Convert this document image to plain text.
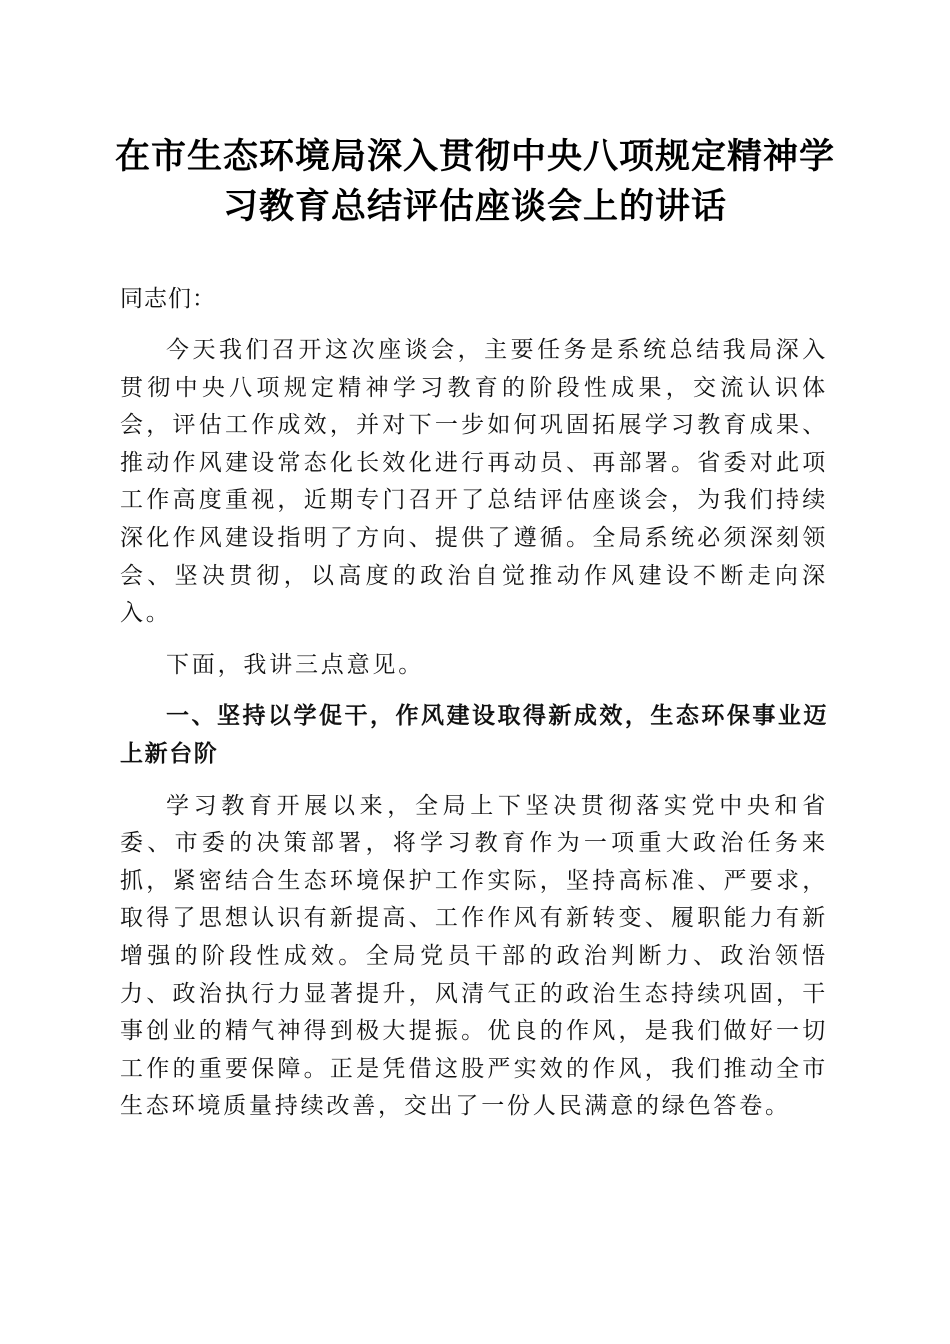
在市生态环境局深入贯彻中央八项规定精神学
习教育总结评估座谈会上的讲话

同志们：

今天我们召开这次座谈会，主要任务是系统总结我局深入贯彻中央八项规定精神学习教育的阶段性成果，交流认识体会，评估工作成效，并对下一步如何巩固拓展学习教育成果、推动作风建设常态化长效化进行再动员、再部署。省委对此项工作高度重视，近期专门召开了总结评估座谈会，为我们持续深化作风建设指明了方向、提供了遵循。全局系统必须深刻领会、坚决贯彻，以高度的政治自觉推动作风建设不断走向深入。

下面，我讲三点意见。

一、坚持以学促干，作风建设取得新成效，生态环保事业迈上新台阶

学习教育开展以来，全局上下坚决贯彻落实党中央和省委、市委的决策部署，将学习教育作为一项重大政治任务来抓，紧密结合生态环境保护工作实际，坚持高标准、严要求，取得了思想认识有新提高、工作作风有新转变、履职能力有新增强的阶段性成效。全局党员干部的政治判断力、政治领悟力、政治执行力显著提升，风清气正的政治生态持续巩固，干事创业的精气神得到极大提振。优良的作风，是我们做好一切工作的重要保障。正是凭借这股严实效的作风，我们推动全市生态环境质量持续改善，交出了一份人民满意的绿色答卷。
